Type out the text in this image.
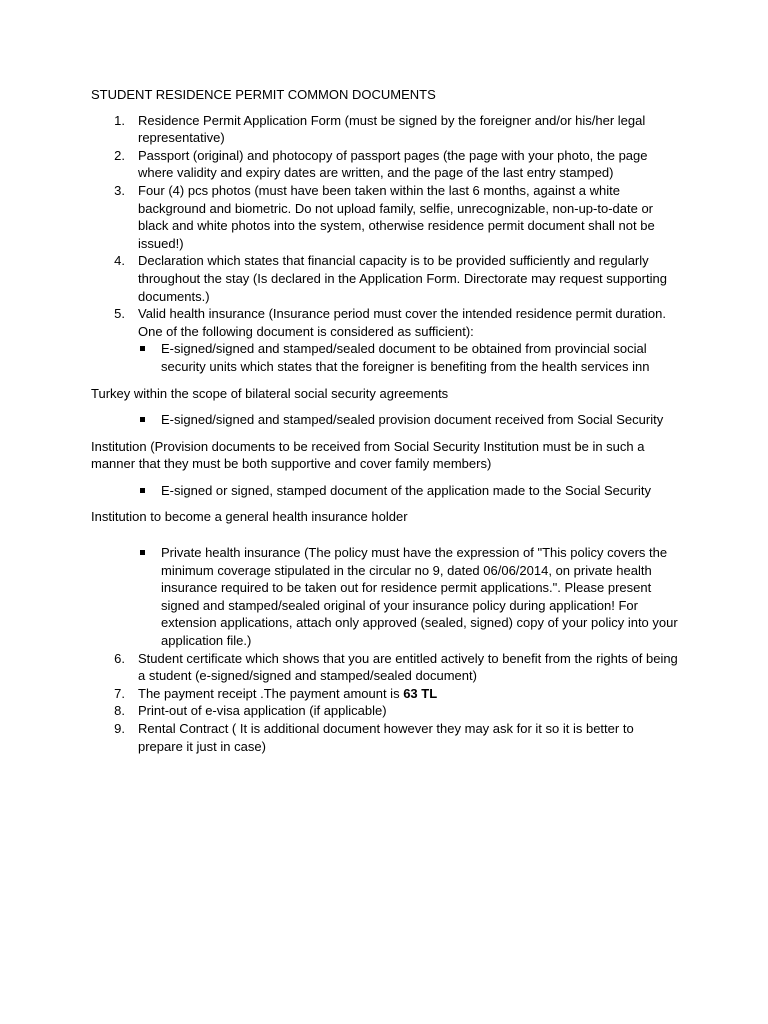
STUDENT RESIDENCE PERMIT COMMON DOCUMENTS

1.	Residence Permit Application Form (must be signed by the foreigner and/or his/her legal representative)

2.	Passport (original) and photocopy of passport pages (the page with your photo, the page where validity and expiry dates are written, and the page of the last entry stamped)

3.	Four (4) pcs photos (must have been taken within the last 6 months, against a white background and biometric. Do not upload family, selfie, unrecognizable, non-up-to-date or black and white photos into the system, otherwise residence permit document shall not be issued!)

4.	Declaration which states that financial capacity is to be provided sufficiently and regularly throughout the stay (Is declared in the Application Form. Directorate may request supporting documents.)

5.	Valid health insurance (Insurance period must cover the intended residence permit duration. One of the following document is considered as sufficient):

E-signed/signed and stamped/sealed document to be obtained from provincial social security units which states that the foreigner is benefiting from the health services inn

Turkey within the scope of bilateral social security agreements

E-signed/signed and stamped/sealed provision document received from Social Security

Institution (Provision documents to be received from Social Security Institution must be in such a manner that they must be both supportive and cover family members)

E-signed or signed, stamped document of the application made to the Social Security

Institution to become a general health insurance holder

Private health insurance (The policy must have the expression of "This policy covers the minimum coverage stipulated in the circular no 9, dated 06/06/2014, on private health insurance required to be taken out for residence permit applications.". Please present signed and stamped/sealed original of your insurance policy during application! For extension applications, attach only approved (sealed, signed) copy of your policy into your application file.)

6.	Student certificate which shows that you are entitled actively to benefit from the rights of being a student (e-signed/signed and stamped/sealed document)

7.	The payment receipt .The payment amount is 63 TL

8.	Print-out of e-visa application (if applicable)

9.	Rental Contract ( It is additional document however they may ask for it so it is better to prepare it just in case)
